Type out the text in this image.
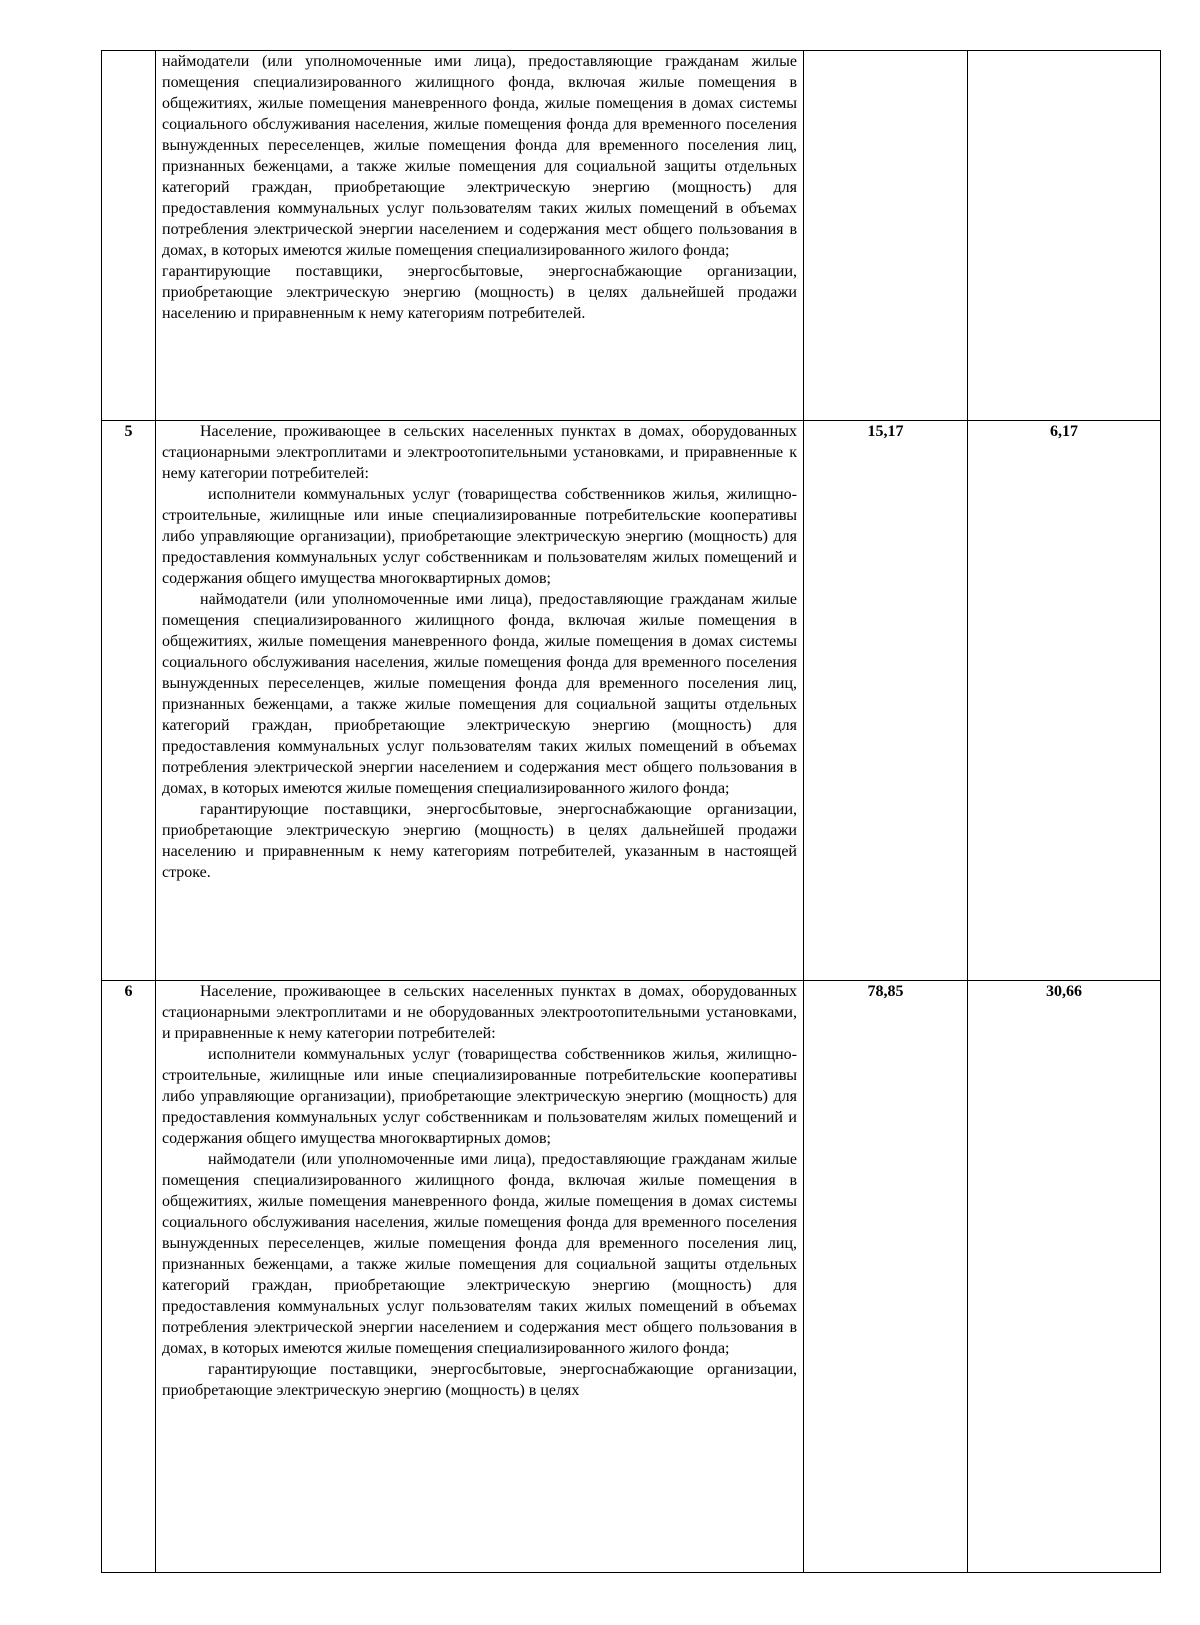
	наймодатели (или уполномоченные ими лица), предоставляющие гражданам жилые помещения специализированного жилищного фонда, включая жилые помещения в общежитиях, жилые помещения маневренного фонда, жилые помещения в домах системы социального обслуживания населения, жилые помещения фонда для временного поселения вынужденных переселенцев, жилые помещения фонда для временного поселения лиц, признанных беженцами, а также жилые помещения для социальной защиты отдельных категорий граждан, приобретающие электрическую энергию (мощность) для предоставления коммунальных услуг пользователям таких жилых помещений в объемах потребления электрической энергии населением и содержания мест общего пользования в домах, в которых имеются жилые помещения специализированного жилого фонда;

гарантирующие поставщики, энергосбытовые, энергоснабжающие организации, приобретающие электрическую энергию (мощность) в целях дальнейшей продажи населению и приравненным к нему категориям потребителей.		

5	Население, проживающее в сельских населенных пунктах в домах, оборудованных стационарными электроплитами и электроотопительными установками, и приравненные к нему категории потребителей:

исполнители коммунальных услуг (товарищества собственников жилья, жилищно-строительные, жилищные или иные специализированные потребительские кооперативы либо управляющие организации), приобретающие электрическую энергию (мощность) для предоставления коммунальных услуг собственникам и пользователям жилых помещений и содержания общего имущества многоквартирных домов;

наймодатели (или уполномоченные ими лица), предоставляющие гражданам жилые помещения специализированного жилищного фонда, включая жилые помещения в общежитиях, жилые помещения маневренного фонда, жилые помещения в домах системы социального обслуживания населения, жилые помещения фонда для временного поселения вынужденных переселенцев, жилые помещения фонда для временного поселения лиц, признанных беженцами, а также жилые помещения для социальной защиты отдельных категорий граждан, приобретающие электрическую энергию (мощность) для предоставления коммунальных услуг пользователям таких жилых помещений в объемах потребления электрической энергии населением и содержания мест общего пользования в домах, в которых имеются жилые помещения специализированного жилого фонда;

гарантирующие поставщики, энергосбытовые, энергоснабжающие организации, приобретающие электрическую энергию (мощность) в целях дальнейшей продажи населению и приравненным к нему категориям потребителей, указанным в настоящей строке.	15,17	6,17
6	Население, проживающее в сельских населенных пунктах в домах, оборудованных стационарными электроплитами и не оборудованных электроотопительными установками, и приравненные к нему категории потребителей:

исполнители коммунальных услуг (товарищества собственников жилья, жилищно-строительные, жилищные или иные специализированные потребительские кооперативы либо управляющие организации), приобретающие электрическую энергию (мощность) для предоставления коммунальных услуг собственникам и пользователям жилых помещений и содержания общего имущества многоквартирных домов;

наймодатели (или уполномоченные ими лица), предоставляющие гражданам жилые помещения специализированного жилищного фонда, включая жилые помещения в общежитиях, жилые помещения маневренного фонда, жилые помещения в домах системы социального обслуживания населения, жилые помещения фонда для временного поселения вынужденных переселенцев, жилые помещения фонда для временного поселения лиц, признанных беженцами, а также жилые помещения для социальной защиты отдельных категорий граждан, приобретающие электрическую энергию (мощность) для предоставления коммунальных услуг пользователям таких жилых помещений в объемах потребления электрической энергии населением и содержания мест общего пользования в домах, в которых имеются жилые помещения специализированного жилого фонда;

гарантирующие поставщики, энергосбытовые, энергоснабжающие организации, приобретающие электрическую энергию (мощность) в целях	78,85	30,66
